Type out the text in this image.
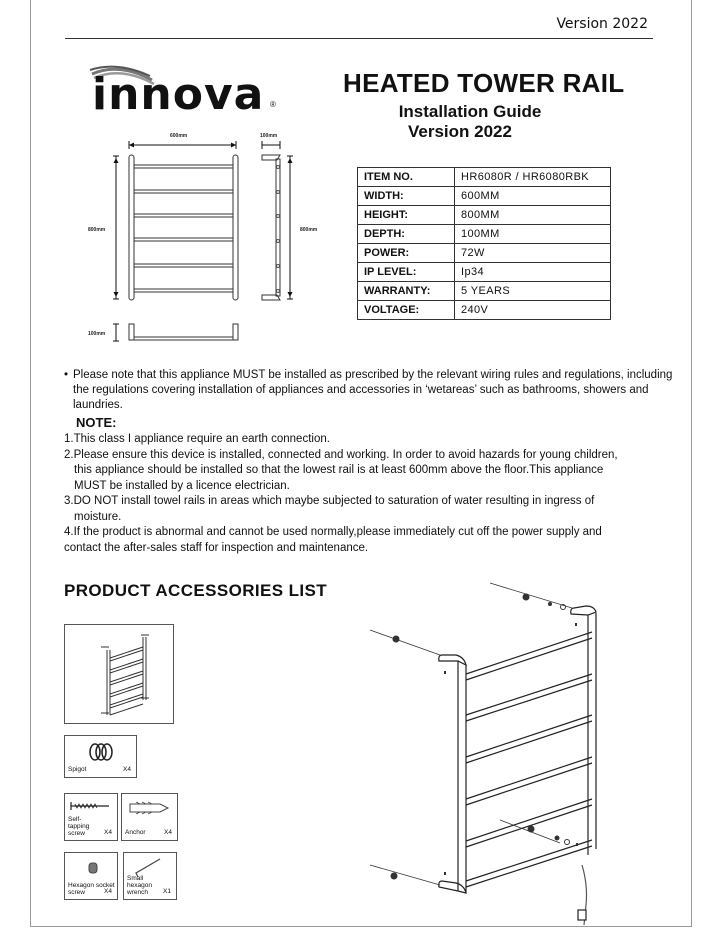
Version 2022
innova ®
HEATED TOWER RAIL
Installation Guide
Version 2022
600mm	100mm
800mm	800mm
100mm
ITEM NO.	HR6080R / HR6080RBK
WIDTH:	600MM
HEIGHT:	800MM
DEPTH:	100MM
POWER:	72W
IP LEVEL:	Ip34
WARRANTY:	5 YEARS
VOLTAGE:	240V
• Please note that this appliance MUST be installed as prescribed by the relevant wiring rules and regulations, including the regulations covering installation of appliances and accessories in ‘wetareas’ such as bathrooms, showers and laundries.
NOTE:
1.This class I appliance require an earth connection.
2.Please ensure this device is installed, connected and working. In order to avoid hazards for young children,
this appliance should be installed so that the lowest rail is at least 600mm above the floor.This appliance
MUST be installed by a licence electrician.
3.DO NOT install towel rails in areas which maybe subjected to saturation of water resulting in ingress of
moisture.
4.If the product is abnormal and cannot be used normally,please immediately cut off the power supply and
contact the after-sales staff for inspection and maintenance.
PRODUCT ACCESSORIES LIST
Spigot	X4
Self-tapping screw	X4 Anchor	X4
Hexagon socket screw	X4
Small hexagon wrench	X1
